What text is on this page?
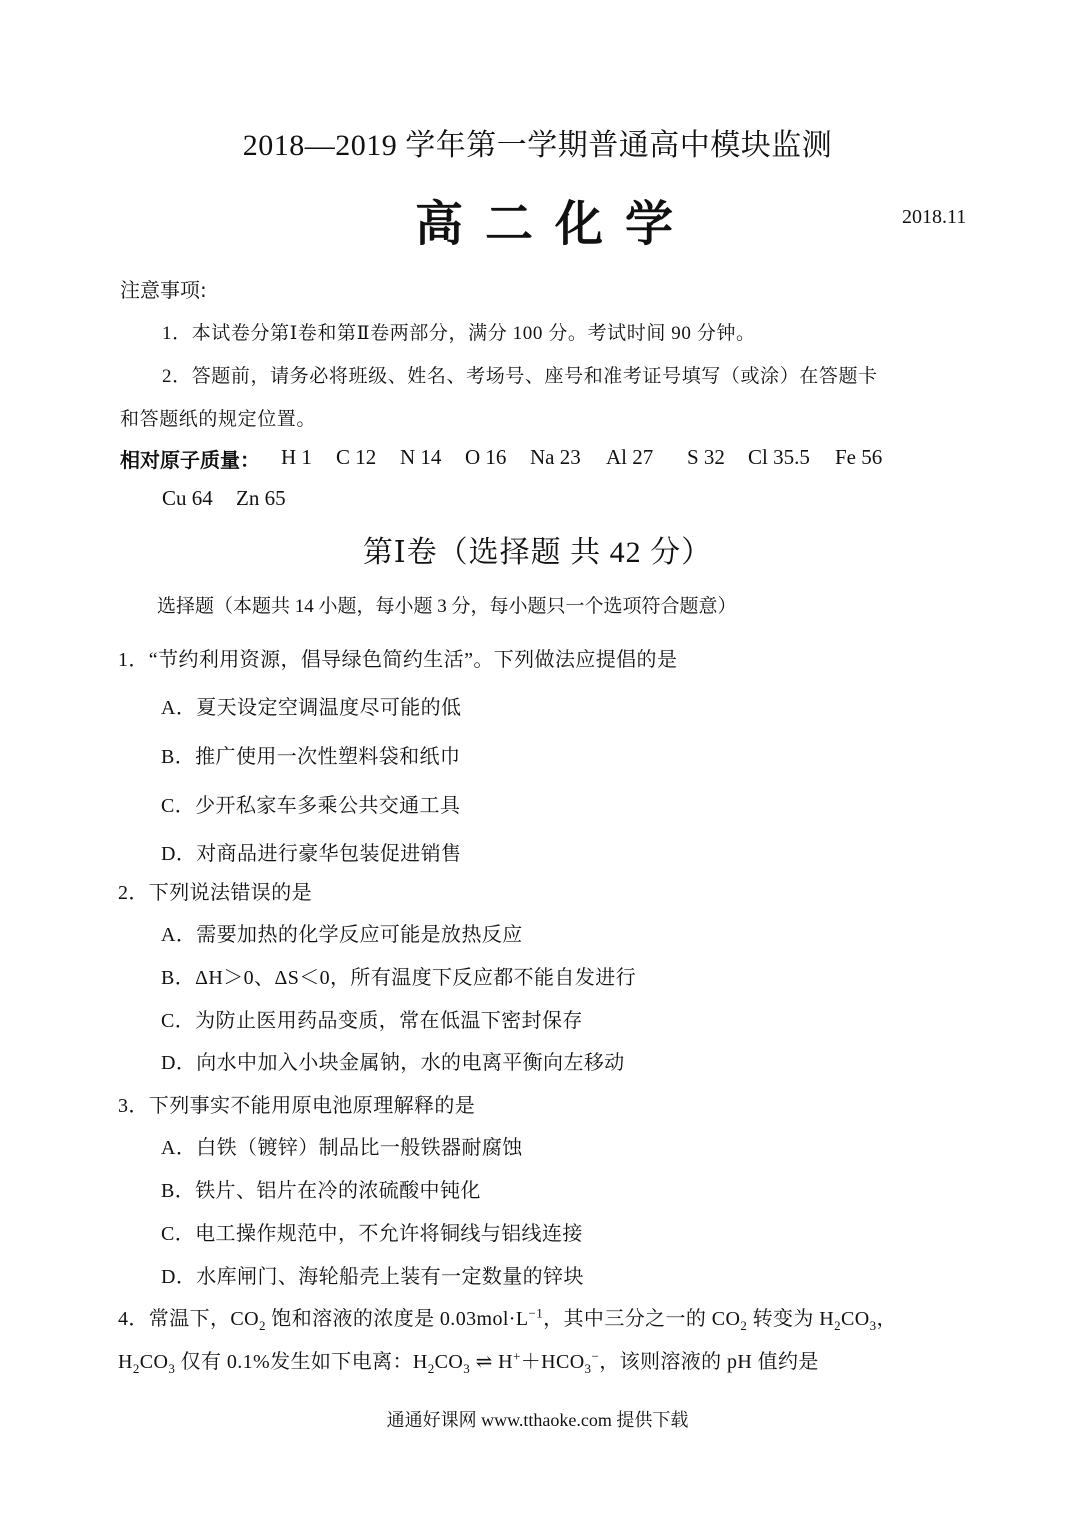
2018—2019 学年第一学期普通高中模块监测
高二化学	2018.11
注意事项:
1．本试卷分第Ⅰ卷和第Ⅱ卷两部分，满分 100 分。考试时间 90 分钟。
2．答题前，请务必将班级、姓名、考场号、座号和准考证号填写（或涂）在答题卡
和答题纸的规定位置。
相对原子质量： H 1 C 12 N 14 O 16 Na 23 Al 27 S 32 Cl 35.5 Fe 56
Cu 64 Zn 65
第Ⅰ卷（选择题 共 42 分）
选择题（本题共 14 小题，每小题 3 分，每小题只一个选项符合题意）
1．“节约利用资源，倡导绿色简约生活”。下列做法应提倡的是
A．夏天设定空调温度尽可能的低
B．推广使用一次性塑料袋和纸巾
C．少开私家车多乘公共交通工具
D．对商品进行豪华包装促进销售
2．下列说法错误的是
A．需要加热的化学反应可能是放热反应
B．ΔH＞0、ΔS＜0，所有温度下反应都不能自发进行
C．为防止医用药品变质，常在低温下密封保存
D．向水中加入小块金属钠，水的电离平衡向左移动
3．下列事实不能用原电池原理解释的是
A．白铁（镀锌）制品比一般铁器耐腐蚀
B．铁片、铝片在冷的浓硫酸中钝化
C．电工操作规范中，不允许将铜线与铝线连接
D．水库闸门、海轮船壳上装有一定数量的锌块
4．常温下，$CO_2$ 饱和溶液的浓度是 $0.03mol\cdot L^{-1}$，其中三分之一的 $CO_2$ 转变为 $H_2CO_3$，
$H_2CO_3$ 仅有 0.1%发生如下电离：$H_2CO_3$ ⇌ $H^++HCO_3^-$，该则溶液的 pH 值约是
通通好课网 www.tthaoke.com 提供下载
